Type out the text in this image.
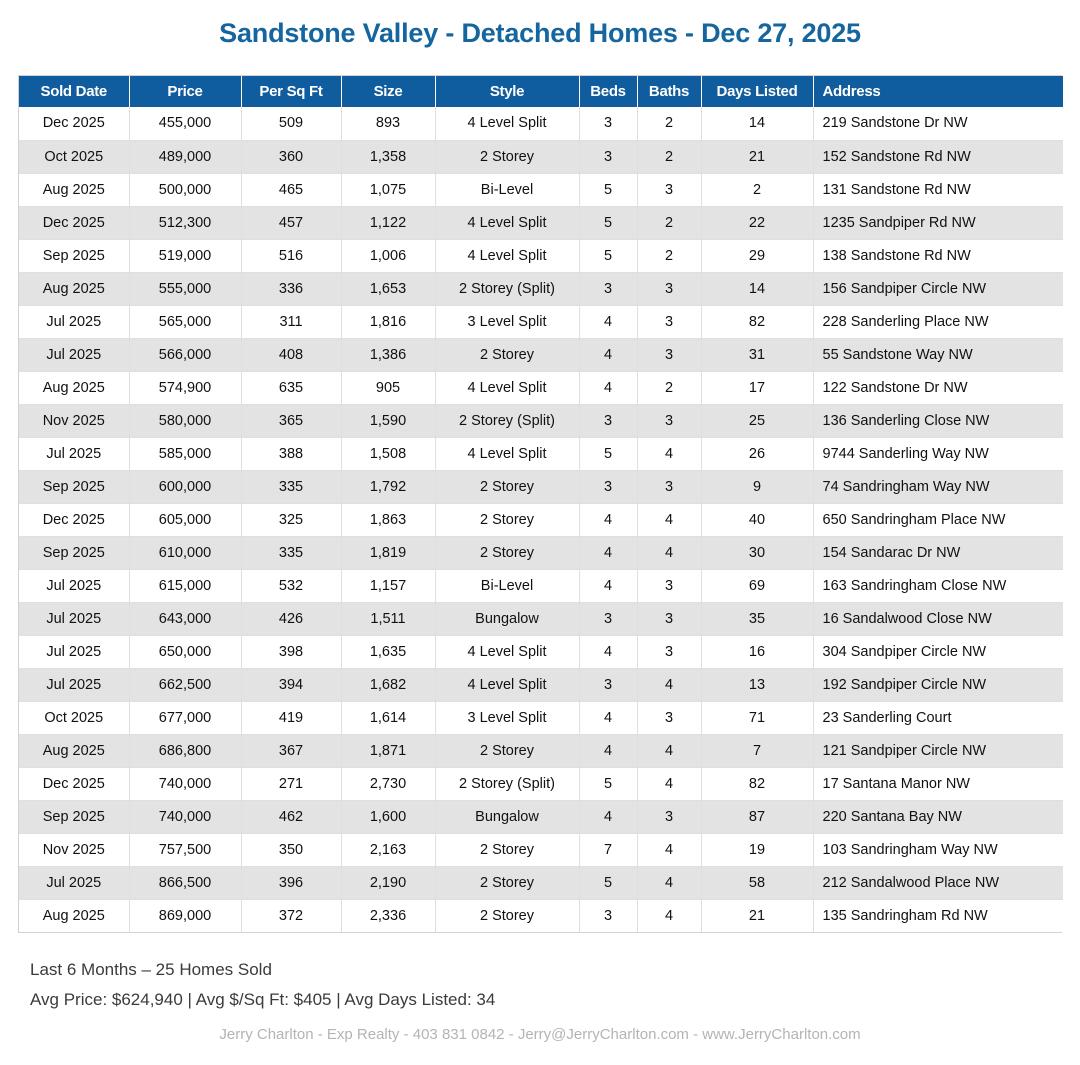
Sandstone Valley - Detached Homes - Dec 27, 2025
Sold Date	Price	Per Sq Ft	Size	Style	Beds	Baths	Days Listed	Address
Dec 2025	455,000	509	893	4 Level Split	3	2	14	219 Sandstone Dr NW
Oct 2025	489,000	360	1,358	2 Storey	3	2	21	152 Sandstone Rd NW
Aug 2025	500,000	465	1,075	Bi-Level	5	3	2	131 Sandstone Rd NW
Dec 2025	512,300	457	1,122	4 Level Split	5	2	22	1235 Sandpiper Rd NW
Sep 2025	519,000	516	1,006	4 Level Split	5	2	29	138 Sandstone Rd NW
Aug 2025	555,000	336	1,653	2 Storey (Split)	3	3	14	156 Sandpiper Circle NW
Jul 2025	565,000	311	1,816	3 Level Split	4	3	82	228 Sanderling Place NW
Jul 2025	566,000	408	1,386	2 Storey	4	3	31	55 Sandstone Way NW
Aug 2025	574,900	635	905	4 Level Split	4	2	17	122 Sandstone Dr NW
Nov 2025	580,000	365	1,590	2 Storey (Split)	3	3	25	136 Sanderling Close NW
Jul 2025	585,000	388	1,508	4 Level Split	5	4	26	9744 Sanderling Way NW
Sep 2025	600,000	335	1,792	2 Storey	3	3	9	74 Sandringham Way NW
Dec 2025	605,000	325	1,863	2 Storey	4	4	40	650 Sandringham Place NW
Sep 2025	610,000	335	1,819	2 Storey	4	4	30	154 Sandarac Dr NW
Jul 2025	615,000	532	1,157	Bi-Level	4	3	69	163 Sandringham Close NW
Jul 2025	643,000	426	1,511	Bungalow	3	3	35	16 Sandalwood Close NW
Jul 2025	650,000	398	1,635	4 Level Split	4	3	16	304 Sandpiper Circle NW
Jul 2025	662,500	394	1,682	4 Level Split	3	4	13	192 Sandpiper Circle NW
Oct 2025	677,000	419	1,614	3 Level Split	4	3	71	23 Sanderling Court
Aug 2025	686,800	367	1,871	2 Storey	4	4	7	121 Sandpiper Circle NW
Dec 2025	740,000	271	2,730	2 Storey (Split)	5	4	82	17 Santana Manor NW
Sep 2025	740,000	462	1,600	Bungalow	4	3	87	220 Santana Bay NW
Nov 2025	757,500	350	2,163	2 Storey	7	4	19	103 Sandringham Way NW
Jul 2025	866,500	396	2,190	2 Storey	5	4	58	212 Sandalwood Place NW
Aug 2025	869,000	372	2,336	2 Storey	3	4	21	135 Sandringham Rd NW
Last 6 Months – 25 Homes Sold
Avg Price: $624,940 | Avg $/Sq Ft: $405 | Avg Days Listed: 34
Jerry Charlton - Exp Realty - 403 831 0842 - Jerry@JerryCharlton.com - www.JerryCharlton.com
